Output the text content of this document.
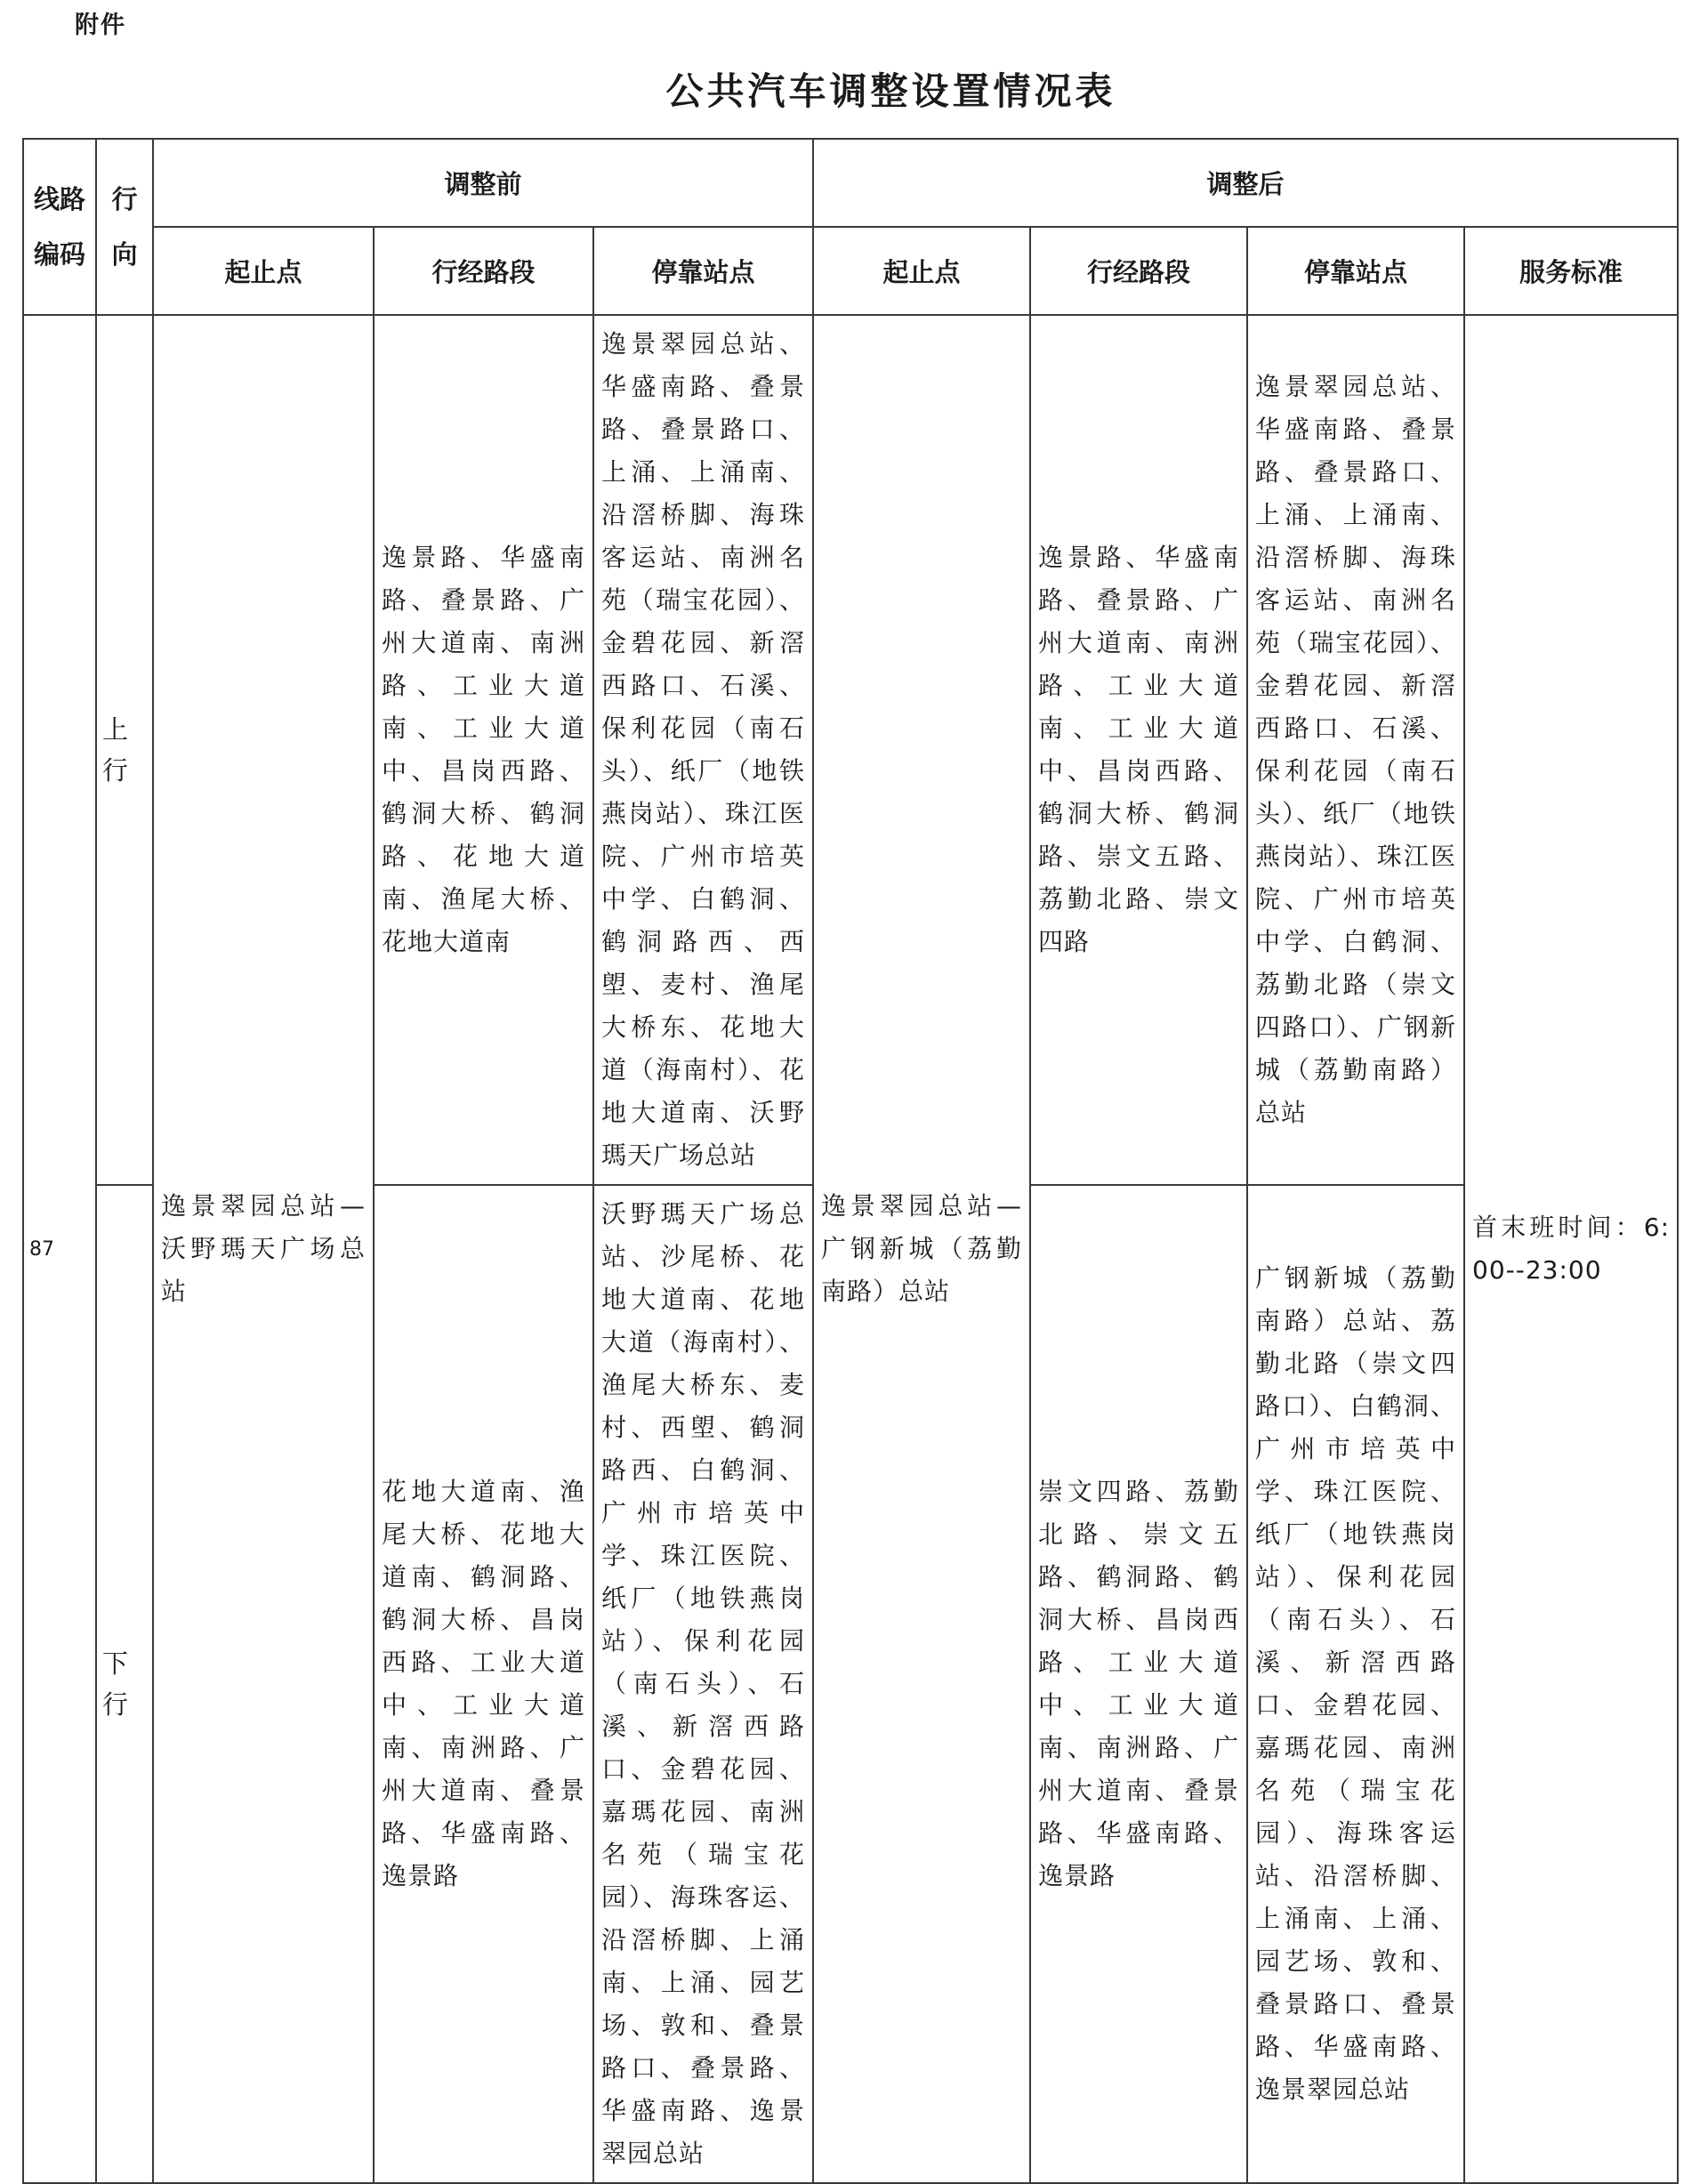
附件
公共汽车调整设置情况表
线路编码	行向	调整前			调整后			
		起止点	行经路段	停靠站点	起止点	行经路段	停靠站点	服务标准
87	上行	逸景翠园总站—沃野瑪天广场总站	逸景路、华盛南路、叠景路、广州大道南、南洲路、工业大道南、工业大道中、昌岗西路、鹤洞大桥、鹤洞路、花地大道南、渔尾大桥、花地大道南	逸景翠园总站、华盛南路、叠景路、叠景路口、上涌、上涌南、沿滘桥脚、海珠客运站、南洲名苑（瑞宝花园）、金碧花园、新滘西路口、石溪、保利花园（南石头）、纸厂（地铁燕岗站）、珠江医院、广州市培英中学、白鹤洞、鹤洞路西、西塱、麦村、渔尾大桥东、花地大道（海南村）、花地大道南、沃野瑪天广场总站	逸景翠园总站—广钢新城（荔勤南路）总站	逸景路、华盛南路、叠景路、广州大道南、南洲路、工业大道南、工业大道中、昌岗西路、鹤洞大桥、鹤洞路、崇文五路、荔勤北路、崇文四路	逸景翠园总站、华盛南路、叠景路、叠景路口、上涌、上涌南、沿滘桥脚、海珠客运站、南洲名苑（瑞宝花园）、金碧花园、新滘西路口、石溪、保利花园（南石头）、纸厂（地铁燕岗站）、珠江医院、广州市培英中学、白鹤洞、荔勤北路（崇文四路口）、广钢新城（荔勤南路）总站	首末班时间：6:00--23:00
	下行		花地大道南、渔尾大桥、花地大道南、鹤洞路、鹤洞大桥、昌岗西路、工业大道中、工业大道南、南洲路、广州大道南、叠景路、华盛南路、逸景路	沃野瑪天广场总站、沙尾桥、花地大道南、花地大道（海南村）、渔尾大桥东、麦村、西塱、鹤洞路西、白鹤洞、广州市培英中学、珠江医院、纸厂（地铁燕岗站）、保利花园（南石头）、石溪、新滘西路口、金碧花园、嘉瑪花园、南洲名苑（瑞宝花园）、海珠客运、沿滘桥脚、上涌南、上涌、园艺场、敦和、叠景路口、叠景路、华盛南路、逸景翠园总站		崇文四路、荔勤北路、崇文五路、鹤洞路、鹤洞大桥、昌岗西路、工业大道中、工业大道南、南洲路、广州大道南、叠景路、华盛南路、逸景路	广钢新城（荔勤南路）总站、荔勤北路（崇文四路口）、白鹤洞、广州市培英中学、珠江医院、纸厂（地铁燕岗站）、保利花园（南石头）、石溪、新滘西路口、金碧花园、嘉瑪花园、南洲名苑（瑞宝花园）、海珠客运站、沿滘桥脚、上涌南、上涌、园艺场、敦和、叠景路口、叠景路、华盛南路、逸景翠园总站	
